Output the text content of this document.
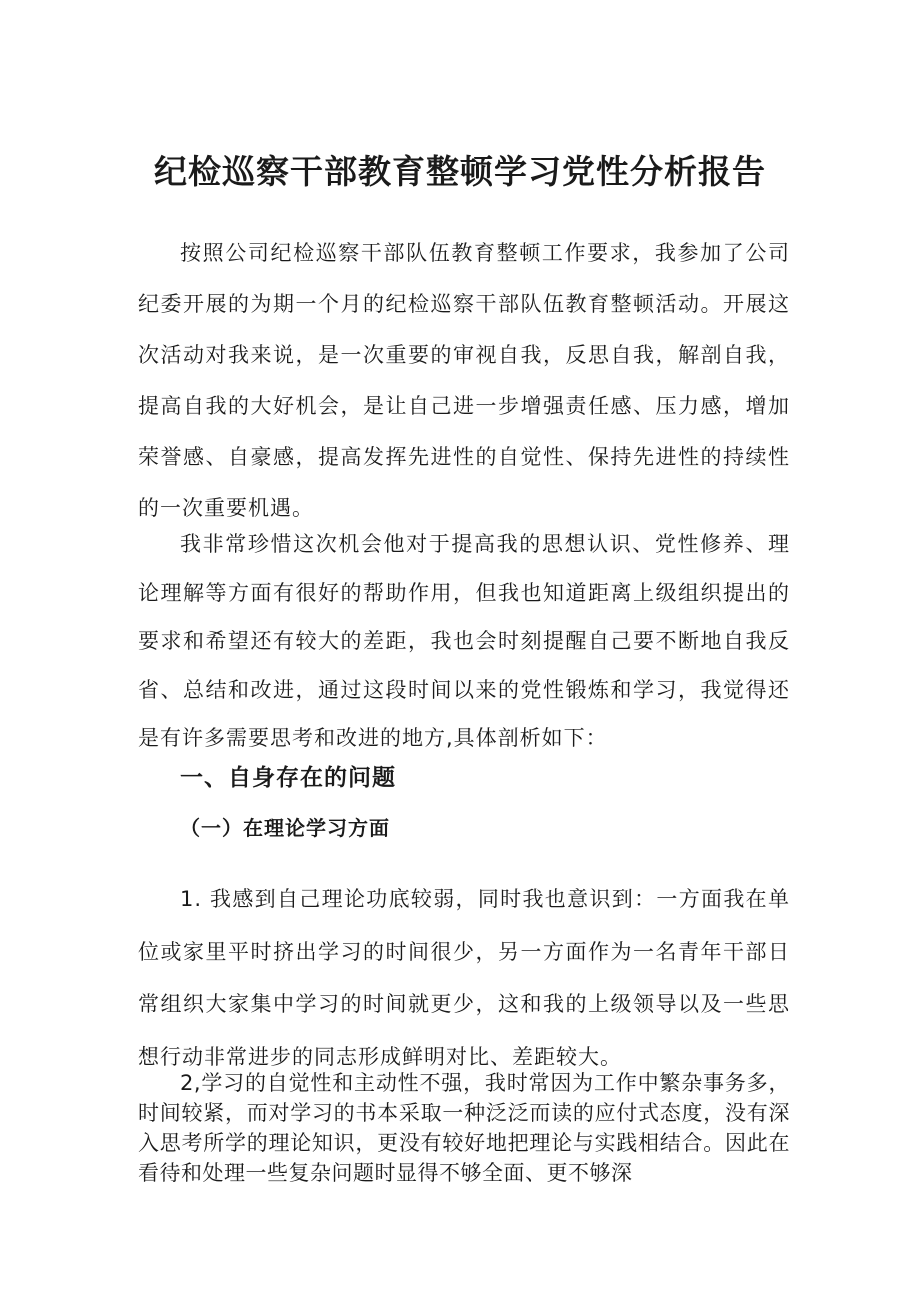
纪检巡察干部教育整顿学习党性分析报告

按照公司纪检巡察干部队伍教育整顿工作要求，我参加了公司纪委开展的为期一个月的纪检巡察干部队伍教育整顿活动。开展这次活动对我来说，是一次重要的审视自我，反思自我，解剖自我，提高自我的大好机会，是让自己进一步增强责任感、压力感，增加荣誉感、自豪感，提高发挥先进性的自觉性、保持先进性的持续性的一次重要机遇。

我非常珍惜这次机会他对于提高我的思想认识、党性修养、理论理解等方面有很好的帮助作用，但我也知道距离上级组织提出的要求和希望还有较大的差距，我也会时刻提醒自己要不断地自我反省、总结和改进，通过这段时间以来的党性锻炼和学习，我觉得还是有许多需要思考和改进的地方,具体剖析如下：

一、自身存在的问题
（一）在理论学习方面

1. 我感到自己理论功底较弱，同时我也意识到：一方面我在单位或家里平时挤出学习的时间很少，另一方面作为一名青年干部日常组织大家集中学习的时间就更少，这和我的上级领导以及一些思想行动非常进步的同志形成鲜明对比、差距较大。

2,学习的自觉性和主动性不强，我时常因为工作中繁杂事务多，时间较紧，而对学习的书本采取一种泛泛而读的应付式态度，没有深入思考所学的理论知识，更没有较好地把理论与实践相结合。因此在看待和处理一些复杂问题时显得不够全面、更不够深
